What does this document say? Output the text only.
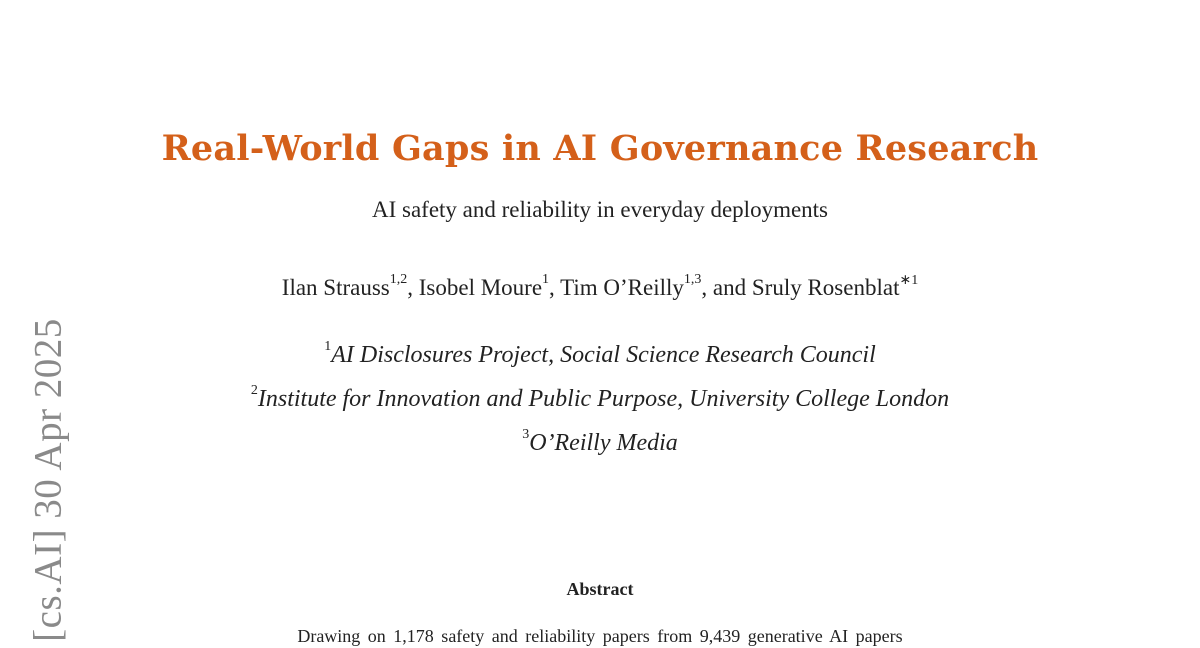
Real-World Gaps in AI Governance Research
AI safety and reliability in everyday deployments
Ilan Strauss$^{1,2}$, Isobel Moure$^1$, Tim O’Reilly$^{1,3}$, and Sruly Rosenblat$^{∗1}$
$^1$AI Disclosures Project, Social Science Research Council
$^2$Institute for Innovation and Public Purpose, University College London
$^3$O’Reilly Media
Abstract
Drawing on 1,178 safety and reliability papers from 9,439 generative AI papers
[cs.AI] 30 Apr 2025
